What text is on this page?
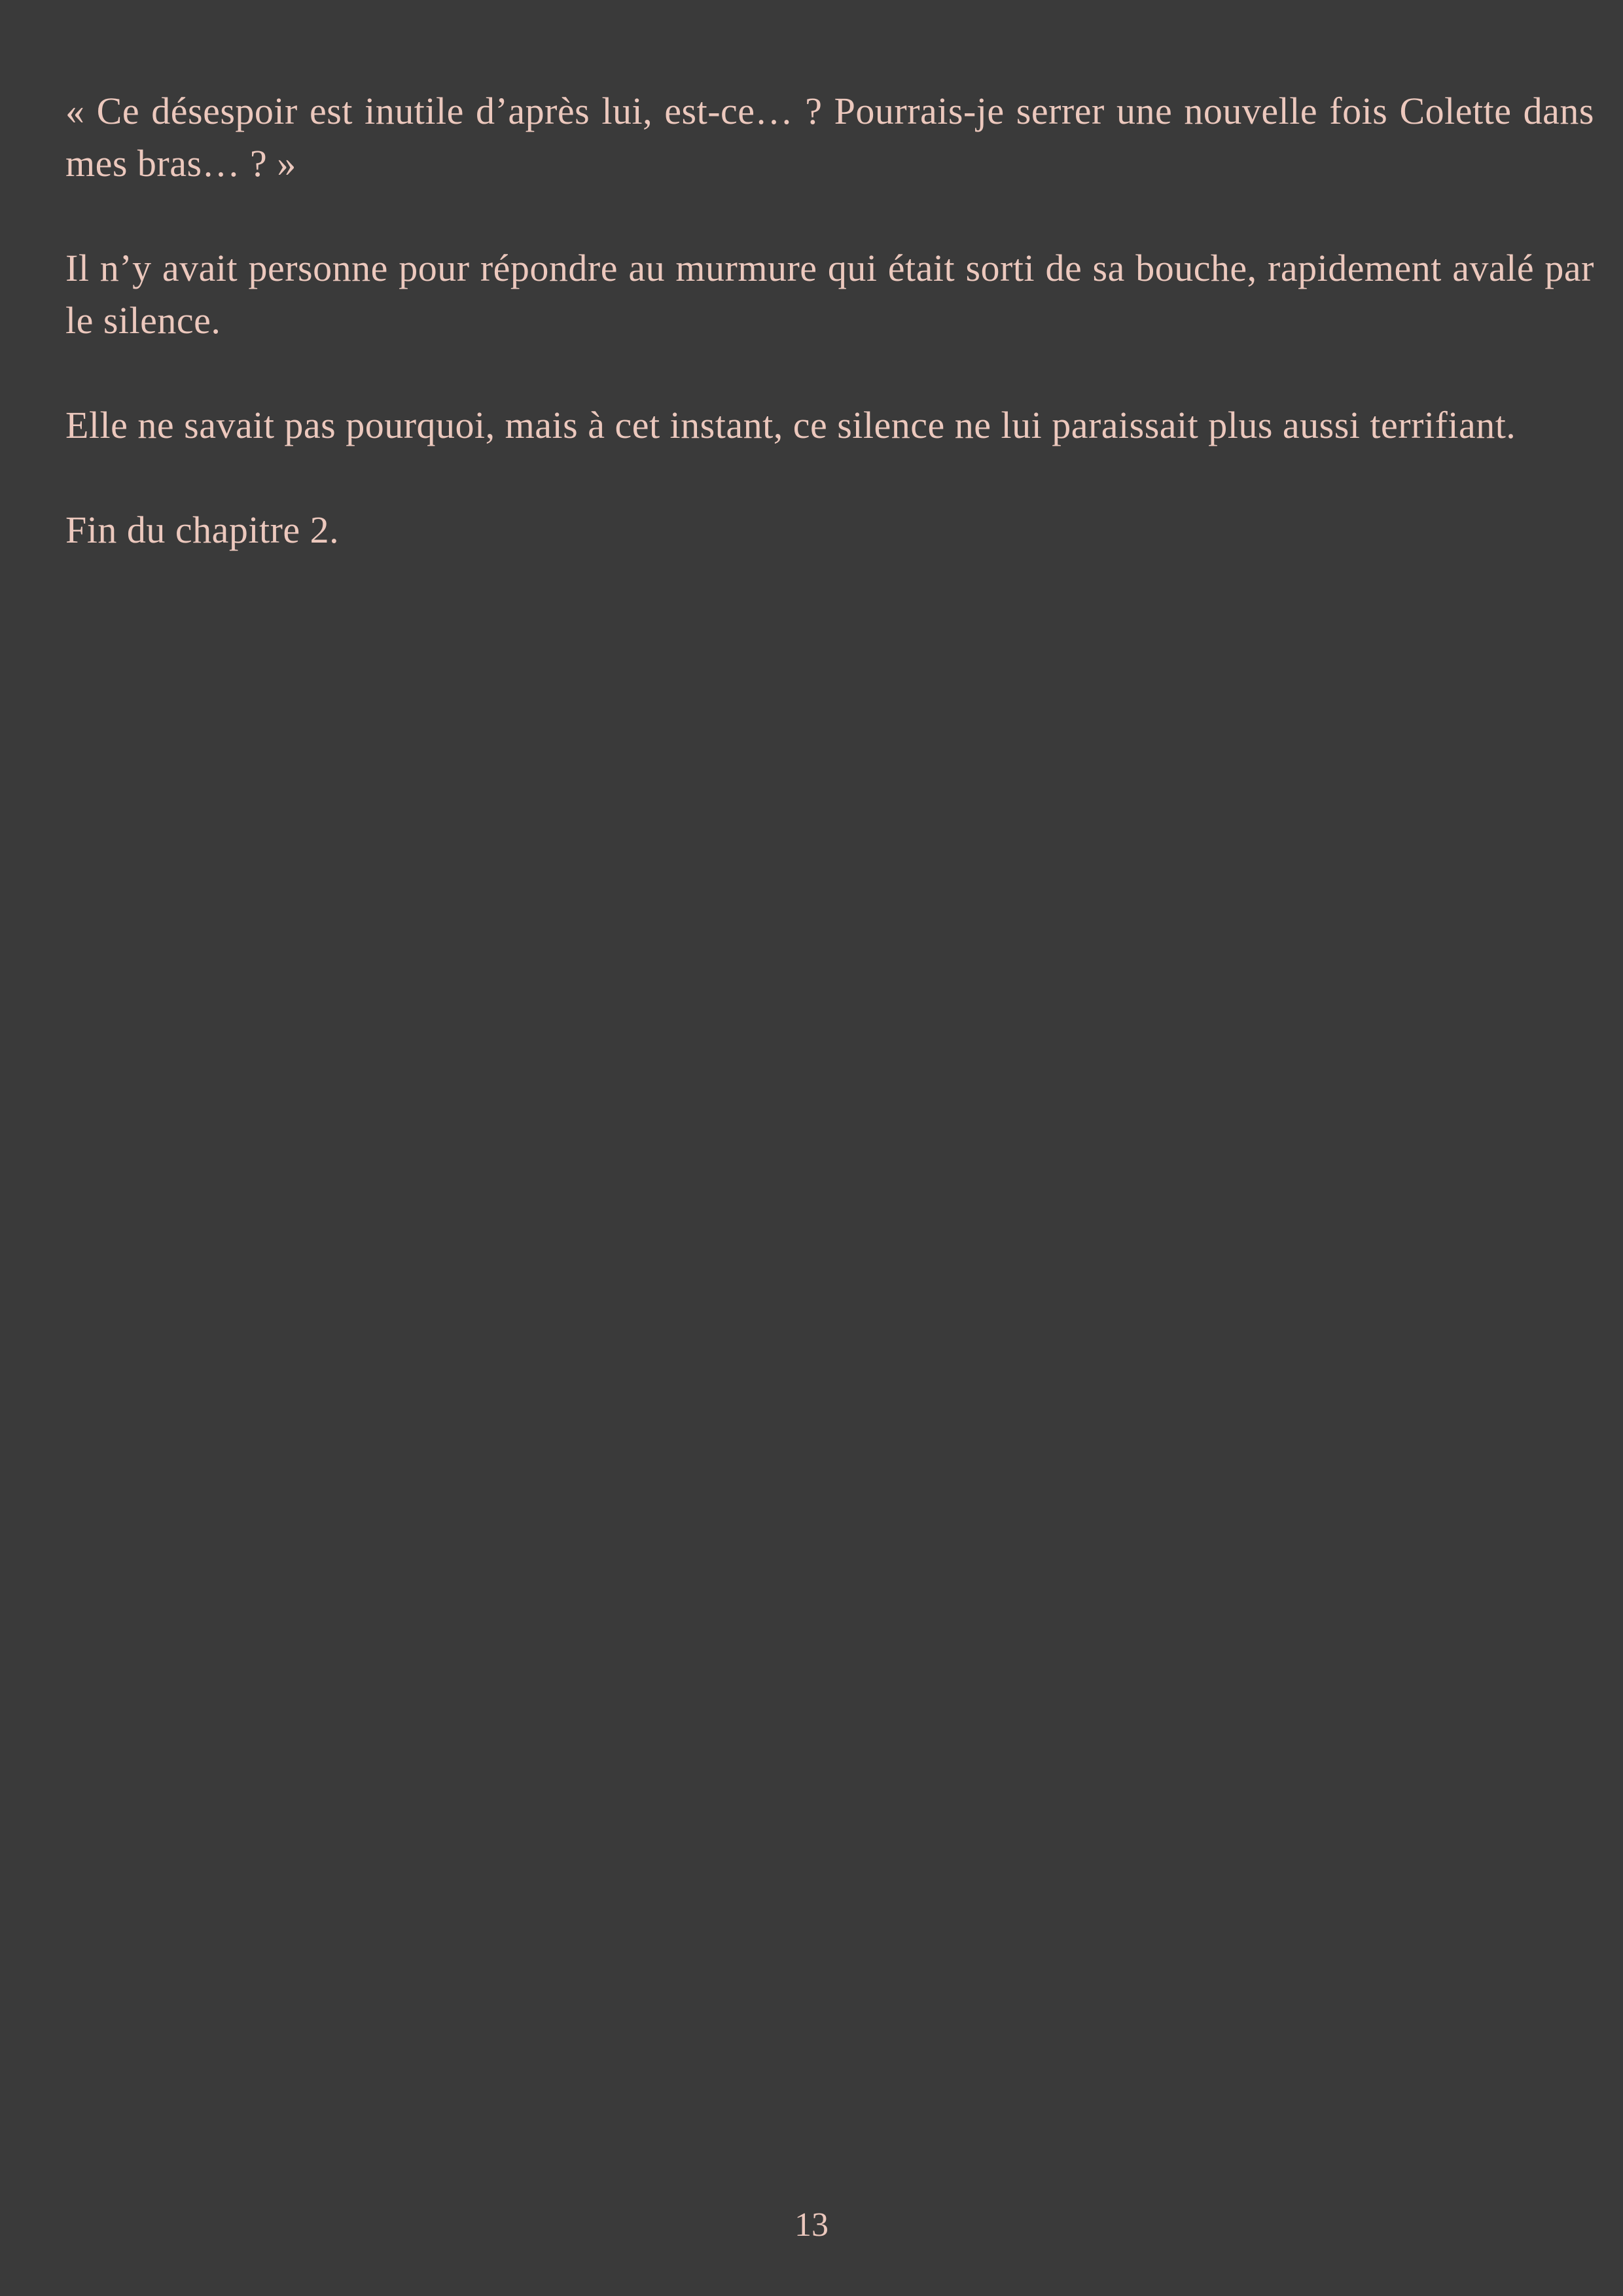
« Ce désespoir est inutile d’après lui, est-ce… ? Pourrais-je serrer une nouvelle fois Colette dans mes bras… ? »

Il n’y avait personne pour répondre au murmure qui était sorti de sa bouche, rapidement avalé par le silence.

Elle ne savait pas pourquoi, mais à cet instant, ce silence ne lui paraissait plus aussi terrifiant.

Fin du chapitre 2.

13
